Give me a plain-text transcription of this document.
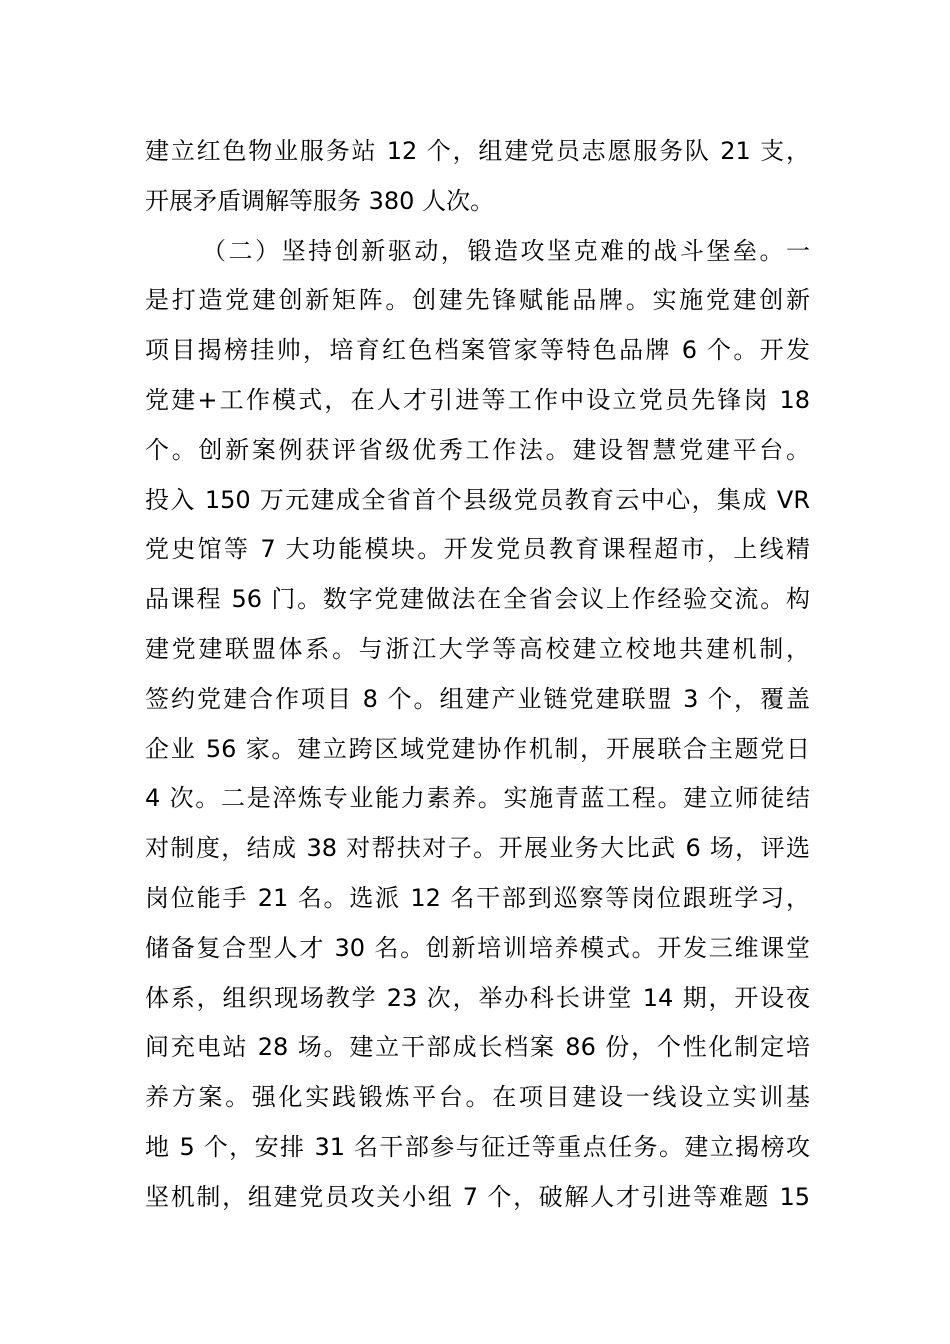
建立红色物业服务站 12 个，组建党员志愿服务队 21 支，
开展矛盾调解等服务 380 人次。
（二）坚持创新驱动，锻造攻坚克难的战斗堡垒。一
是打造党建创新矩阵。创建先锋赋能品牌。实施党建创新
项目揭榜挂帅，培育红色档案管家等特色品牌 6 个。开发
党建+工作模式，在人才引进等工作中设立党员先锋岗 18
个。创新案例获评省级优秀工作法。建设智慧党建平台。
投入 150 万元建成全省首个县级党员教育云中心，集成 VR
党史馆等 7 大功能模块。开发党员教育课程超市，上线精
品课程 56 门。数字党建做法在全省会议上作经验交流。构
建党建联盟体系。与浙江大学等高校建立校地共建机制，
签约党建合作项目 8 个。组建产业链党建联盟 3 个，覆盖
企业 56 家。建立跨区域党建协作机制，开展联合主题党日
4 次。二是淬炼专业能力素养。实施青蓝工程。建立师徒结
对制度，结成 38 对帮扶对子。开展业务大比武 6 场，评选
岗位能手 21 名。选派 12 名干部到巡察等岗位跟班学习，
储备复合型人才 30 名。创新培训培养模式。开发三维课堂
体系，组织现场教学 23 次，举办科长讲堂 14 期，开设夜
间充电站 28 场。建立干部成长档案 86 份，个性化制定培
养方案。强化实践锻炼平台。在项目建设一线设立实训基
地 5 个，安排 31 名干部参与征迁等重点任务。建立揭榜攻
坚机制，组建党员攻关小组 7 个，破解人才引进等难题 15
